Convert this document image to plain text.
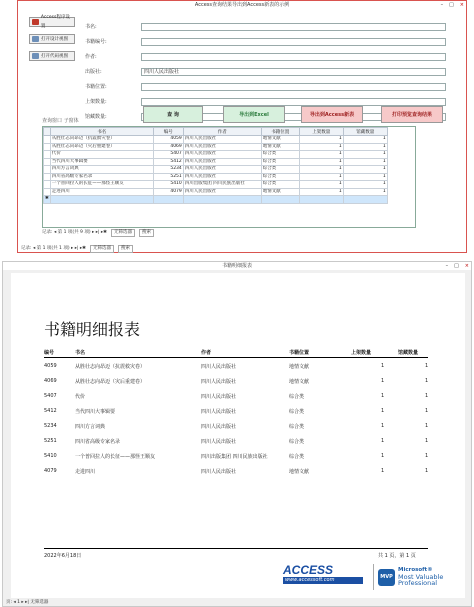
Access查询结果导出到Access新表的示例	– □ ×
Access程序设置
打开设计视图
打开代码视图
书名:
书籍编号:
作者:
出版社:	四川人民出版社
书籍位置:
上架数量:
馆藏数量:	查 询	导出到Excel	导出到Access新表	打印预览查询结果
查询窗口 子窗体
	书名	编号	作者	书籍位置	上架数量	馆藏数量
	从胜壮志向昂迈（抗震救灾卷）	4059	四川人民出版社	地情文献	1	1
	从胜壮志向昂迈（灾后重建卷）	4069	四川人民出版社	地情文献	1	1
	代价	5407	四川人民出版社	综合类	1	1
	当代四川大事辑要	5412	四川人民出版社	综合类	1	1
	四川方言词典	5234	四川人民出版社	综合类	1	1
	四川省高级专家名录	5251	四川人民出版社	综合类	1	1
	一个普回拉人的长征——那怪王顺友	5410	四川出版集团 四川民族出版社	综合类	1	1
	走进四川	4079	四川人民出版社	地情文献	1	1
✱						
记录: ◂ 第 1 项(共 9 项) ▸ ▸| ▸✱	无筛选器	搜索
记录: ◂ 第 1 项(共 1 项) ▸ ▸| ▸✱	无筛选器	搜索
书籍明细报表	– □ ×
书籍明细报表
编号	书名	作者	书籍位置	上架数量	馆藏数量
4059	从胜壮志向昂迈（抗震救灾卷）	四川人民出版社	地情文献	1	1
4069	从胜壮志向昂迈（灾后重建卷）	四川人民出版社	地情文献	1	1
5407	代价	四川人民出版社	综合类	1	1
5412	当代四川大事辑要	四川人民出版社	综合类	1	1
5234	四川方言词典	四川人民出版社	综合类	1	1
5251	四川省高级专家名录	四川人民出版社	综合类	1	1
5410	一个普回拉人的长征——那怪王顺友	四川出版集团 四川民族出版社	综合类	1	1
4079	走进四川	四川人民出版社	地情文献	1	1
2022年6月18日	共 1 页，第 1 页
ACCESS
www.accessoft.com	MVP
Microsoft®
Most Valuable
Professional
页: ◂ 1 ▸ ▸| 无筛选器
